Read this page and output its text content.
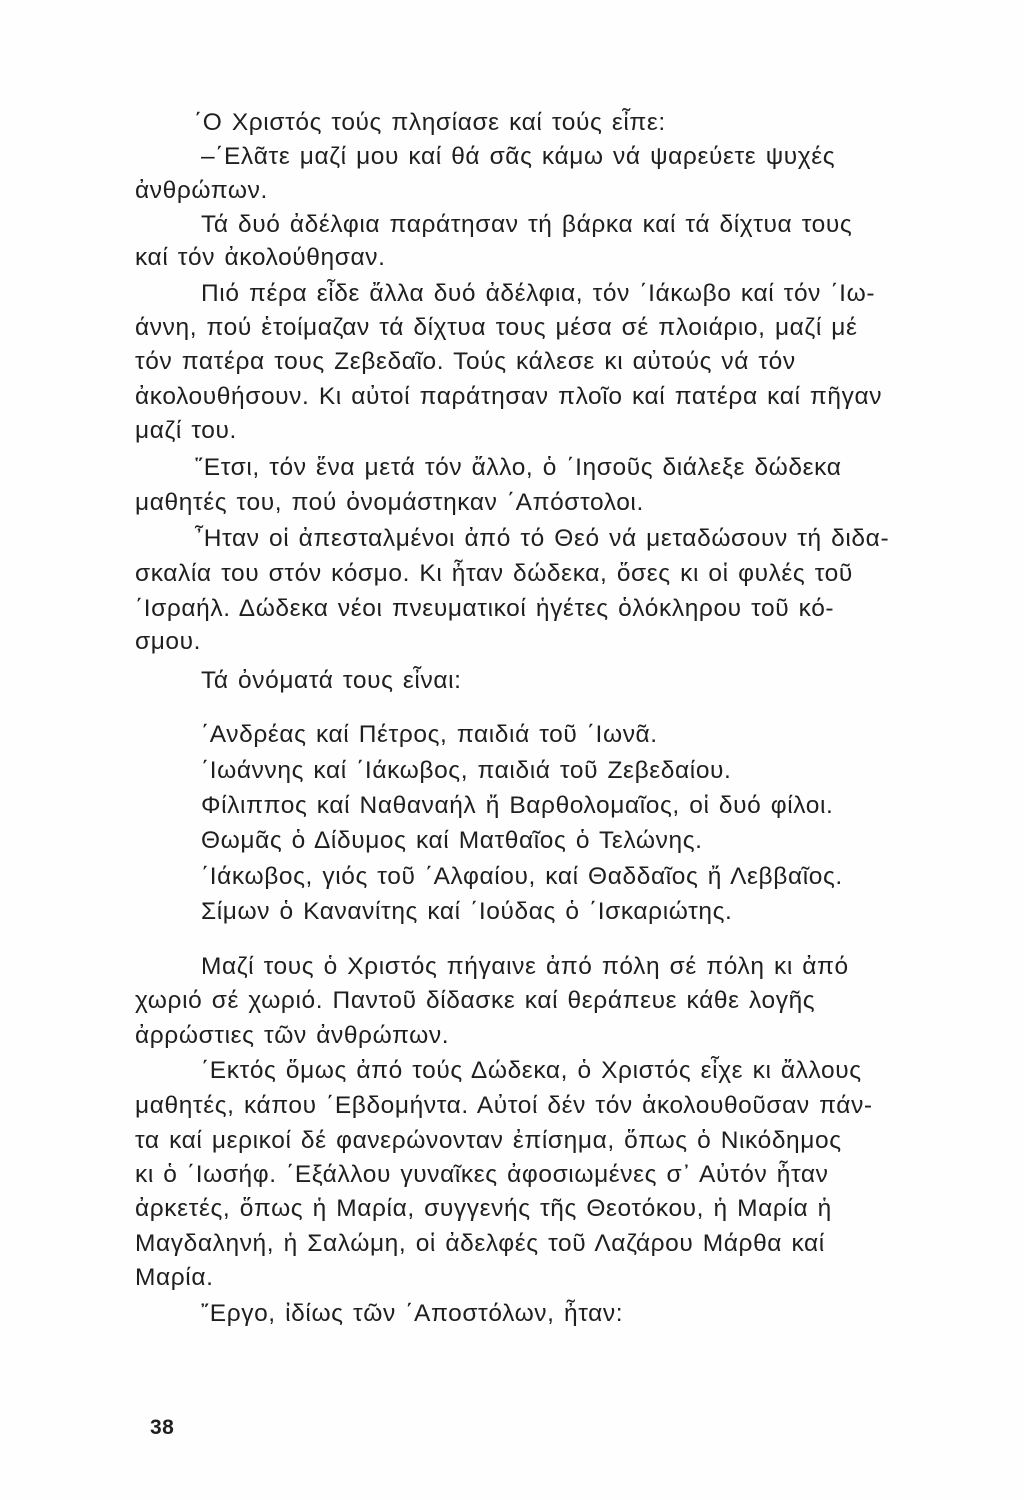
΄Ο Χριστός τούς πλησίασε καί τούς εἶπε:
–΄Ελᾶτε μαζί μου καί θά σᾶς κάμω νά ψαρεύετε ψυχές
ἀνθρώπων.
Τά δυό ἀδέλφια παράτησαν τή βάρκα καί τά δίχτυα τους
καί τόν ἀκολούθησαν.
Πιό πέρα εἶδε ἄλλα δυό ἀδέλφια, τόν ΄Ιάκωβο καί τόν ΄Ιω-
άννη, πού ἑτοίμαζαν τά δίχτυα τους μέσα σέ πλοιάριο, μαζί μέ
τόν πατέρα τους Ζεβεδαῖο. Τούς κάλεσε κι αὐτούς νά τόν
ἀκολουθήσουν. Κι αὐτοί παράτησαν πλοῖο καί πατέρα καί πῆγαν
μαζί του.
῞Ετσι, τόν ἕνα μετά τόν ἄλλο, ὁ ΄Ιησοῦς διάλεξε δώδεκα
μαθητές του, πού ὀνομάστηκαν ΄Απόστολοι.
῏Ηταν οἱ ἀπεσταλμένοι ἀπό τό Θεό νά μεταδώσουν τή διδα-
σκαλία του στόν κόσμο. Κι ἦταν δώδεκα, ὅσες κι οἱ φυλές τοῦ
΄Ισραήλ. Δώδεκα νέοι πνευματικοί ἡγέτες ὁλόκληρου τοῦ κό-
σμου.
Τά ὀνόματά τους εἶναι:
΄Ανδρέας καί Πέτρος, παιδιά τοῦ ΄Ιωνᾶ.
΄Ιωάννης καί ΄Ιάκωβος, παιδιά τοῦ Ζεβεδαίου.
Φίλιππος καί Ναθαναήλ ἤ Βαρθολομαῖος, οἱ δυό φίλοι.
Θωμᾶς ὁ Δίδυμος καί Ματθαῖος ὁ Τελώνης.
΄Ιάκωβος, γιός τοῦ ΄Αλφαίου, καί Θαδδαῖος ἤ Λεββαῖος.
Σίμων ὁ Κανανίτης καί ΄Ιούδας ὁ ΄Ισκαριώτης.
Μαζί τους ὁ Χριστός πήγαινε ἀπό πόλη σέ πόλη κι ἀπό
χωριό σέ χωριό. Παντοῦ δίδασκε καί θεράπευε κάθε λογῆς
ἀρρώστιες τῶν ἀνθρώπων.
΄Εκτός ὅμως ἀπό τούς Δώδεκα, ὁ Χριστός εἶχε κι ἄλλους
μαθητές, κάπου ΄Εβδομήντα. Αὐτοί δέν τόν ἀκολουθοῦσαν πάν-
τα καί μερικοί δέ φανερώνονταν ἐπίσημα, ὅπως ὁ Νικόδημος
κι ὁ ΄Ιωσήφ. ΄Εξάλλου γυναῖκες ἀφοσιωμένες σ᾽ Αὐτόν ἦταν
ἀρκετές, ὅπως ἡ Μαρία, συγγενής τῆς Θεοτόκου, ἡ Μαρία ἡ
Μαγδαληνή, ἡ Σαλώμη, οἱ ἀδελφές τοῦ Λαζάρου Μάρθα καί
Μαρία.
῎Εργο, ἰδίως τῶν ΄Αποστόλων, ἦταν:
38
